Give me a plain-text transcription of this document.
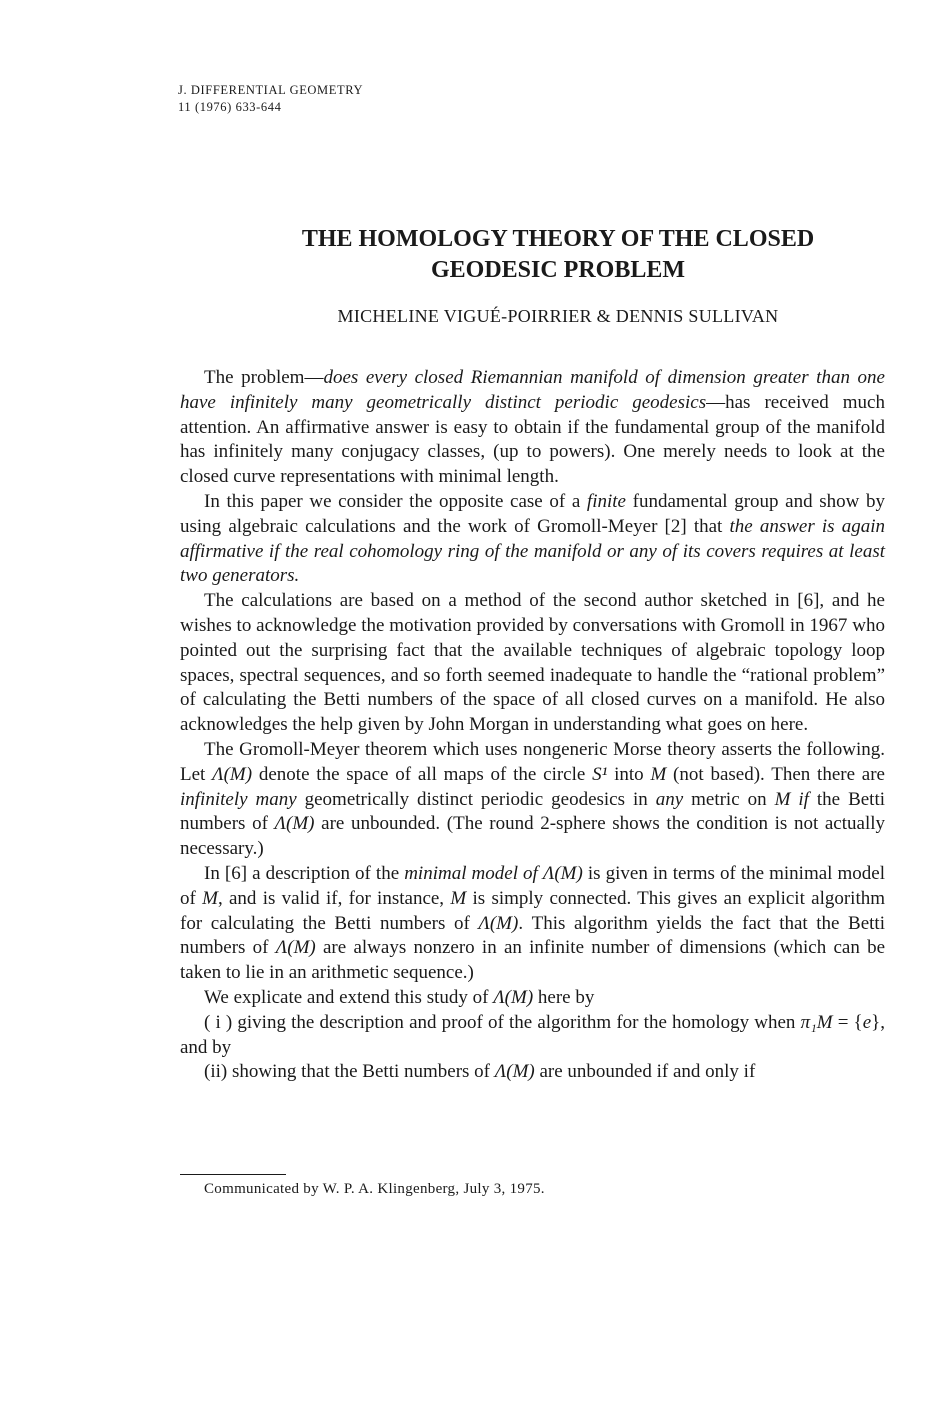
J. DIFFERENTIAL GEOMETRY
11 (1976) 633-644
THE HOMOLOGY THEORY OF THE CLOSED
GEODESIC PROBLEM
MICHELINE VIGUÉ-POIRRIER & DENNIS SULLIVAN

The problem—does every closed Riemannian manifold of dimension greater than one have infinitely many geometrically distinct periodic geodesics—has received much attention. An affirmative answer is easy to obtain if the fundamental group of the manifold has infinitely many conjugacy classes, (up to powers). One merely needs to look at the closed curve representations with minimal length.

In this paper we consider the opposite case of a finite fundamental group and show by using algebraic calculations and the work of Gromoll-Meyer [2] that the answer is again affirmative if the real cohomology ring of the manifold or any of its covers requires at least two generators.

The calculations are based on a method of the second author sketched in [6], and he wishes to acknowledge the motivation provided by conversations with Gromoll in 1967 who pointed out the surprising fact that the available techniques of algebraic topology loop spaces, spectral sequences, and so forth seemed inadequate to handle the “rational problem” of calculating the Betti numbers of the space of all closed curves on a manifold. He also acknowledges the help given by John Morgan in understanding what goes on here.

The Gromoll-Meyer theorem which uses nongeneric Morse theory asserts the following. Let Λ(M) denote the space of all maps of the circle S¹ into M (not based). Then there are infinitely many geometrically distinct periodic geodesics in any metric on M if the Betti numbers of Λ(M) are unbounded. (The round 2-sphere shows the condition is not actually necessary.)

In [6] a description of the minimal model of Λ(M) is given in terms of the minimal model of M, and is valid if, for instance, M is simply connected. This gives an explicit algorithm for calculating the Betti numbers of Λ(M). This algorithm yields the fact that the Betti numbers of Λ(M) are always nonzero in an infinite number of dimensions (which can be taken to lie in an arithmetic sequence.)

We explicate and extend this study of Λ(M) here by

( i ) giving the description and proof of the algorithm for the homology when π₁M = {e}, and by

(ii) showing that the Betti numbers of Λ(M) are unbounded if and only if

Communicated by W. P. A. Klingenberg, July 3, 1975.
